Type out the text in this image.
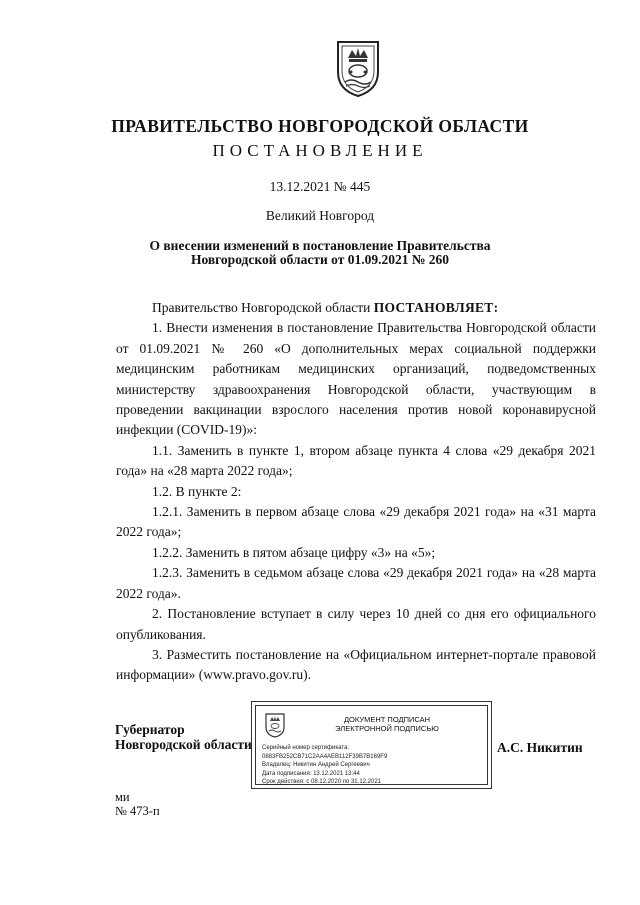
ПРАВИТЕЛЬСТВО НОВГОРОДСКОЙ ОБЛАСТИ
ПОСТАНОВЛЕНИЕ
13.12.2021 № 445
Великий Новгород
О внесении изменений в постановление Правительства
Новгородской области от 01.09.2021 № 260

Правительство Новгородской области ПОСТАНОВЛЯЕТ:

1. Внести изменения в постановление Правительства Новгородской области от 01.09.2021 № 260 «О дополнительных мерах социальной поддержки медицинским работникам медицинских организаций, подведомственных министерству здравоохранения Новгородской области, участвующим в проведении вакцинации взрослого населения против новой коронавирусной инфекции (COVID-19)»:

1.1. Заменить в пункте 1, втором абзаце пункта 4 слова «29 декабря 2021 года» на «28 марта 2022 года»;

1.2. В пункте 2:

1.2.1. Заменить в первом абзаце слова «29 декабря 2021 года» на «31 марта 2022 года»;

1.2.2. Заменить в пятом абзаце цифру «3» на «5»;

1.2.3. Заменить в седьмом абзаце слова «29 декабря 2021 года» на «28 марта 2022 года».

2. Постановление вступает в силу через 10 дней со дня его официального опубликования.

3. Разместить постановление на «Официальном интернет-портале правовой информации» (www.pravo.gov.ru).

Губернатор
Новгородской области
ДОКУМЕНТ ПОДПИСАН
ЭЛЕКТРОННОЙ ПОДПИСЬЮ
Серийный номер сертификата:
0883FB252CB71C2AA4AEB112F39B7B169F9
Владелец: Никитин Андрей Сергеевич
Дата подписания: 13.12.2021 13:44
Срок действия: с 08.12.2020 по 31.12.2021
А.С. Никитин
ми
№ 473-п
